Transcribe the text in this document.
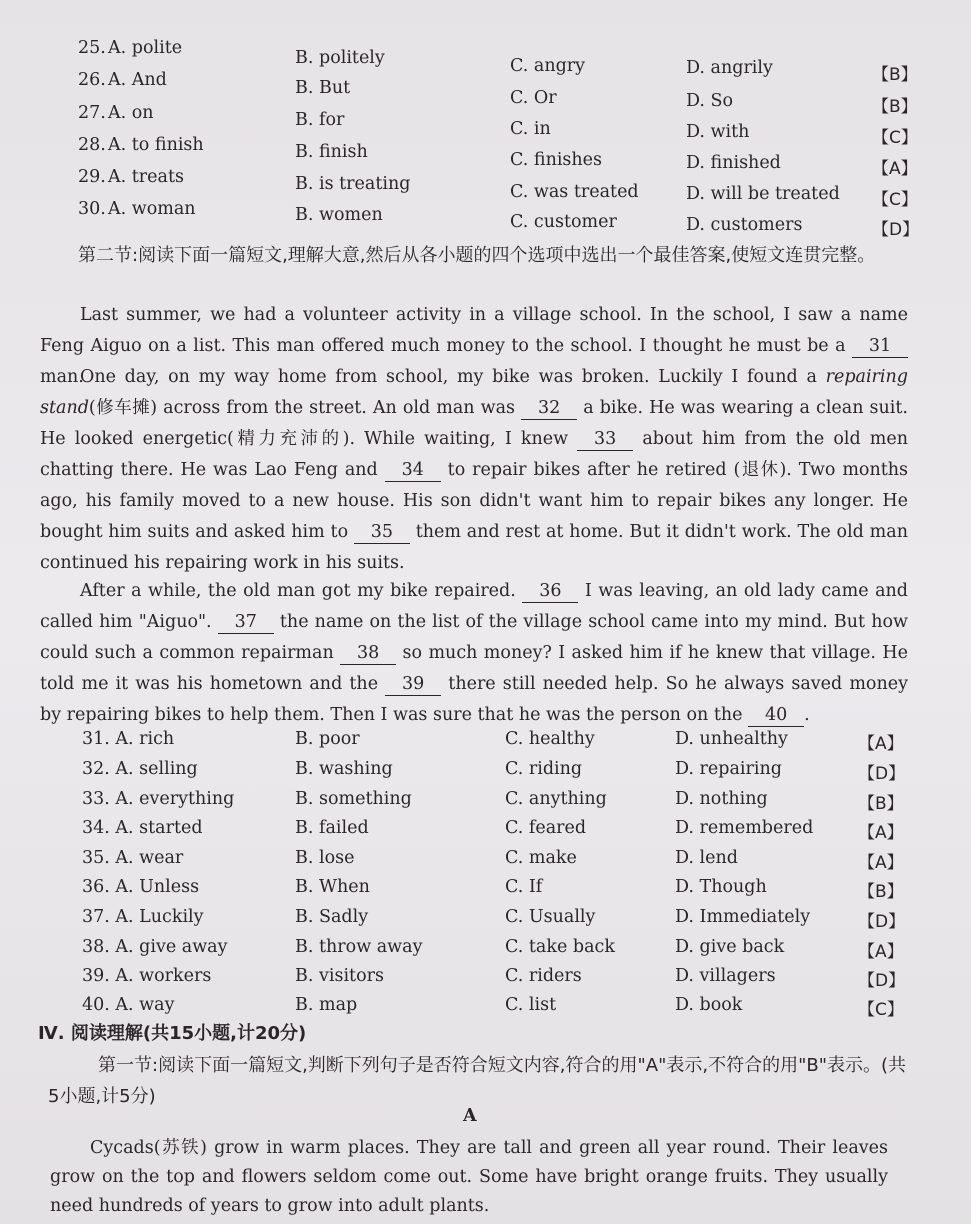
25. A. polite	B. politely	C. angry	D. angrily	【B】
26. A. And	B. But	C. Or	D. So	【B】
27. A. on	B. for	C. in	D. with	【C】
28. A. to finish	B. finish	C. finishes	D. finished	【A】
29. A. treats	B. is treating	C. was treated	D. will be treated 【C】
30. A. woman	B. women	C. customer	D. customers	【D】
第二节:阅读下面一篇短文,理解大意,然后从各小题的四个选项中选出一个最佳答案,使短文连贯完整。
Last summer, we had a volunteer activity in a village school. In the school, I saw a name Feng Aiguo on a list. This man offered much money to the school. I thought he must be a 31 man.
One day, on my way home from school, my bike was broken. Luckily I found a repairing stand(修车摊) across from the street. An old man was 32 a bike. He was wearing a clean suit. He looked energetic(精力充沛的). While waiting, I knew 33 about him from the old men chatting there. He was Lao Feng and 34 to repair bikes after he retired (退休). Two months ago, his family moved to a new house. His son didn't want him to repair bikes any longer. He bought him suits and asked him to 35 them and rest at home. But it didn't work. The old man continued his repairing work in his suits.
After a while, the old man got my bike repaired. 36 I was leaving, an old lady came and called him "Aiguo". 37 the name on the list of the village school came into my mind. But how could such a common repairman 38 so much money? I asked him if he knew that village. He told me it was his hometown and the 39 there still needed help. So he always saved money by repairing bikes to help them. Then I was sure that he was the person on the 40 .
31. A. rich	B. poor	C. healthy	D. unhealthy	【A】
32. A. selling	B. washing	C. riding	D. repairing	【D】
33. A. everything	B. something	C. anything	D. nothing	【B】
34. A. started	B. failed	C. feared	D. remembered	【A】
35. A. wear	B. lose	C. make	D. lend	【A】
36. A. Unless	B. When	C. If	D. Though	【B】
37. A. Luckily	B. Sadly	C. Usually	D. Immediately	【D】
38. A. give away	B. throw away	C. take back	D. give back	【A】
39. A. workers	B. visitors	C. riders	D. villagers	【D】
40. A. way	B. map	C. list	D. book	【C】
Ⅳ. 阅读理解(共15小题,计20分)
第一节:阅读下面一篇短文,判断下列句子是否符合短文内容,符合的用"A"表示,不符合的用"B"表示。(共5小题,计5分)
A
Cycads(苏铁) grow in warm places. They are tall and green all year round. Their leaves grow on the top and flowers seldom come out. Some have bright orange fruits. They usually need hundreds of years to grow into adult plants.
